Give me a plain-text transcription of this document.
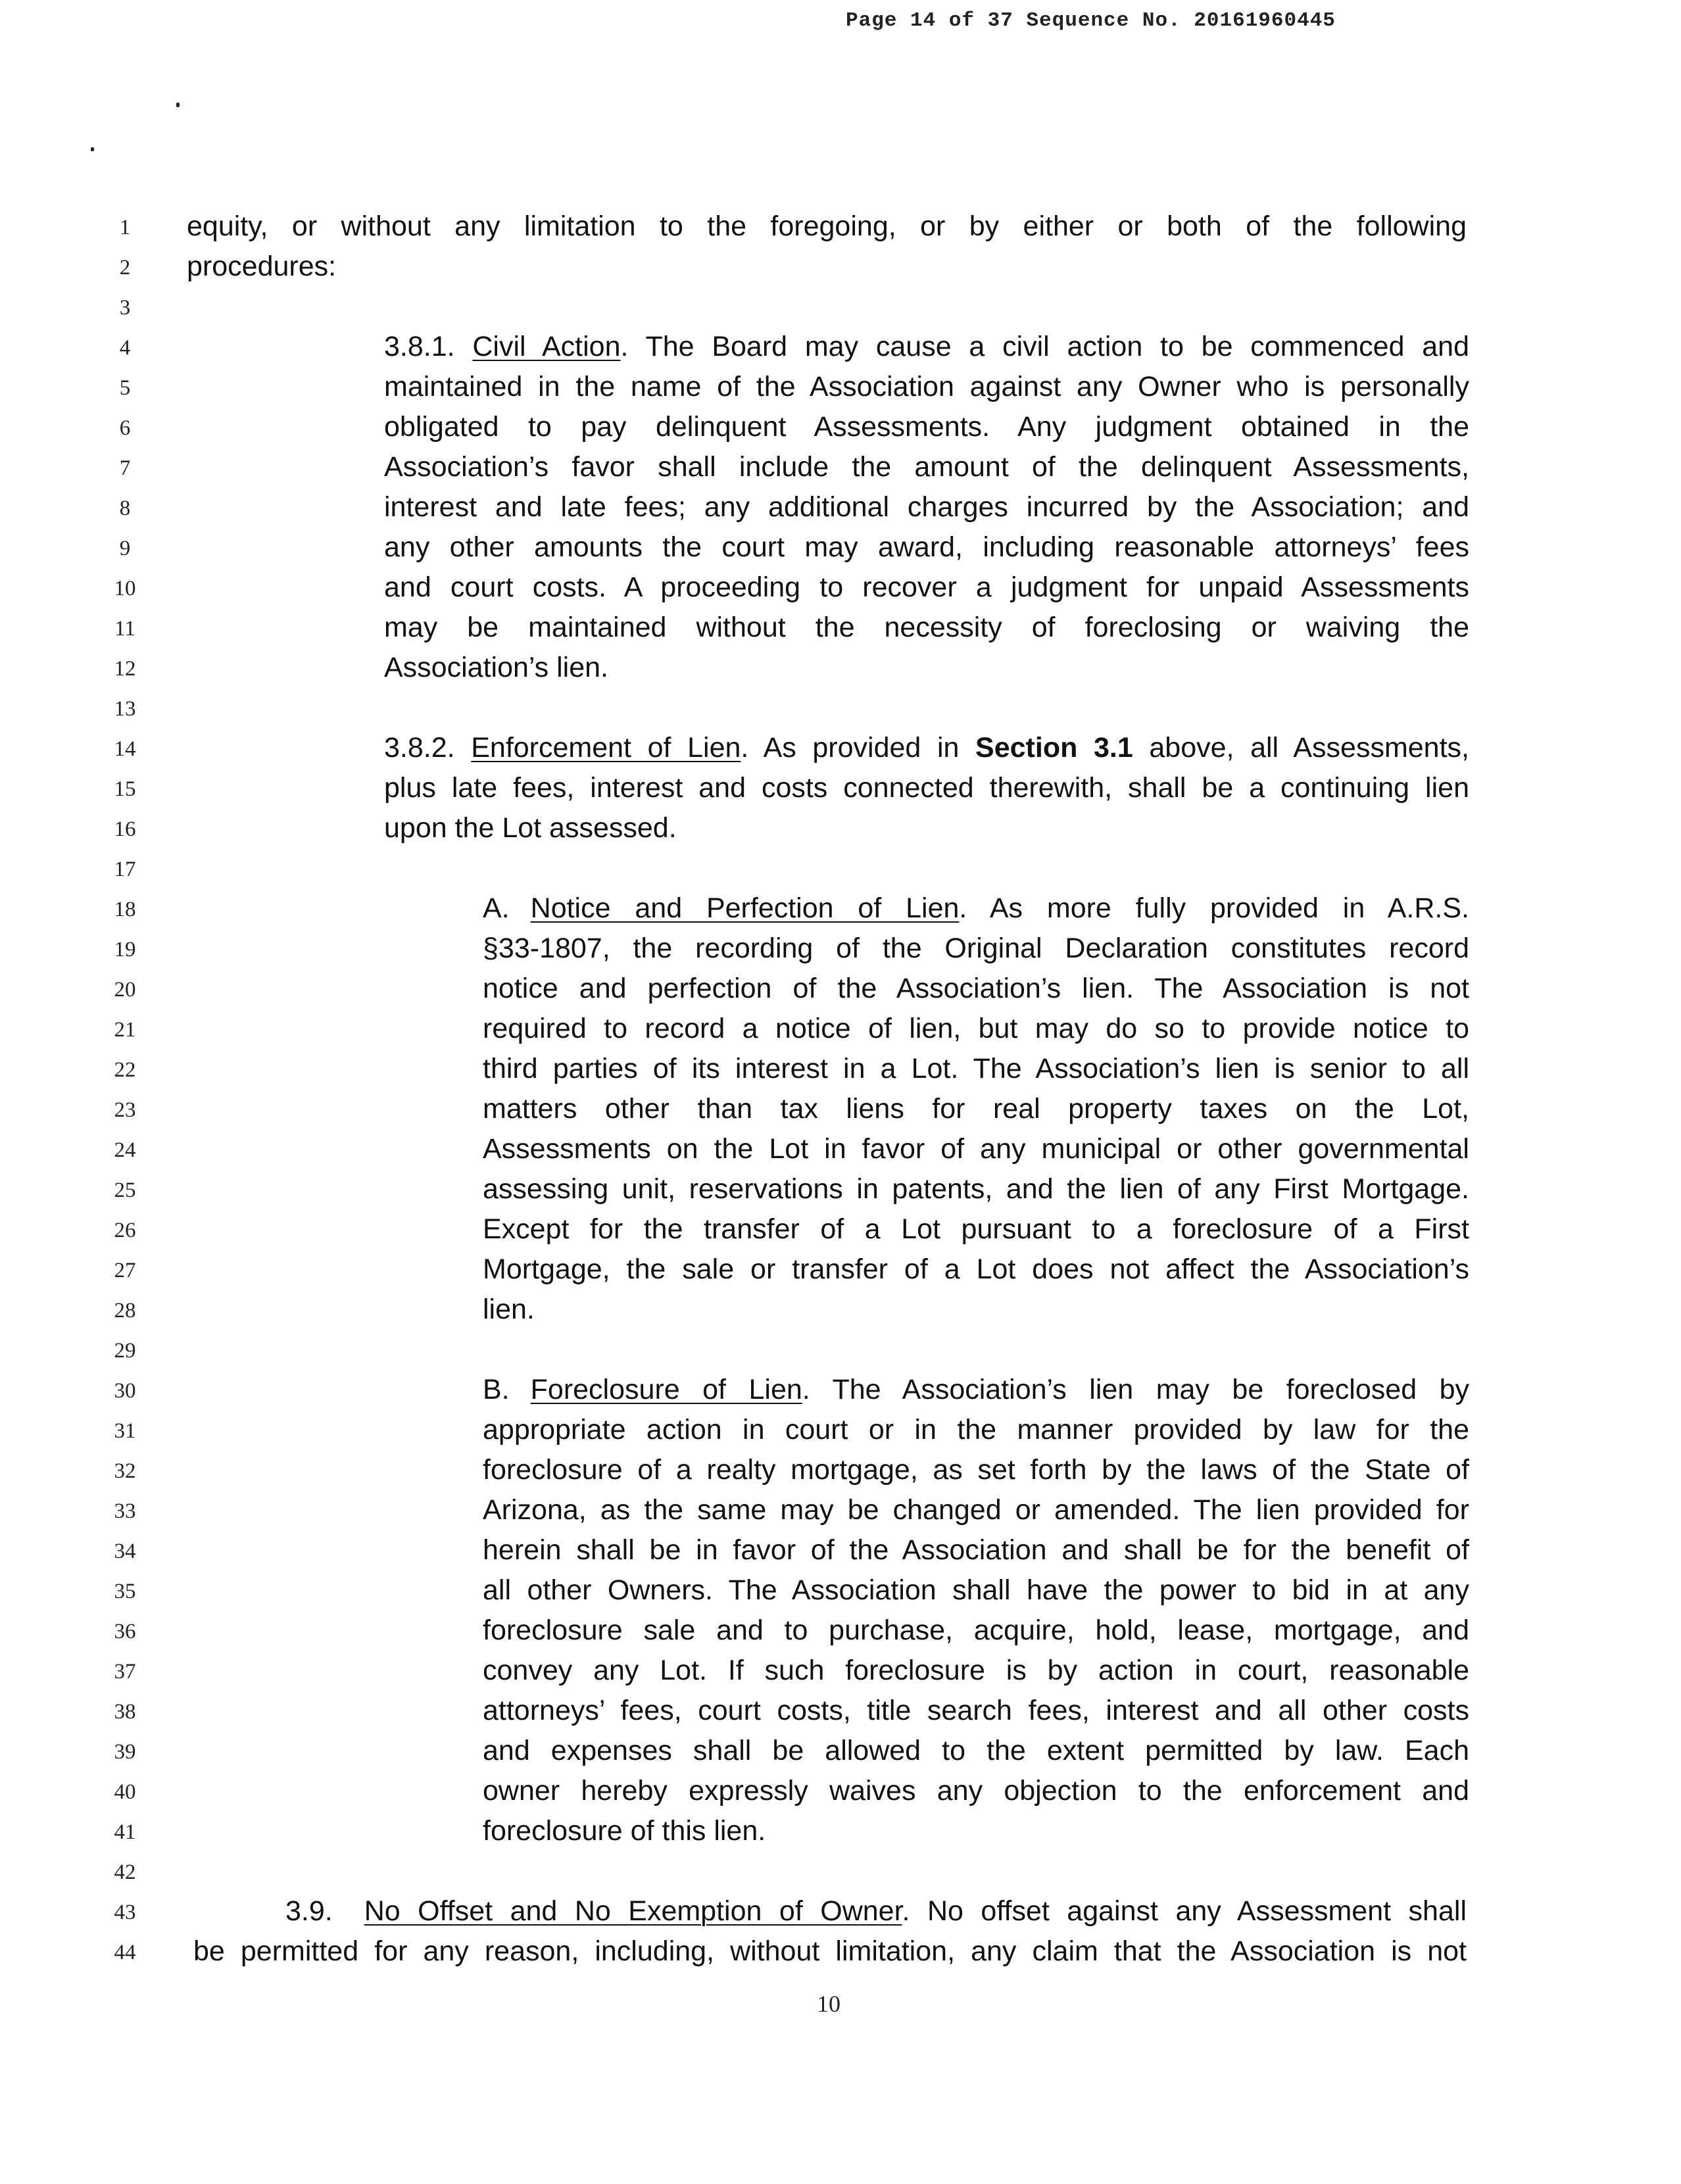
Page 14 of 37 Sequence No. 20161960445
1
2
3
4
5
6
7
8
9
10
11
12
13
14
15
16
17
18
19
20
21
22
23
24
25
26
27
28
29
30
31
32
33
34
35
36
37
38
39
40
41
42
43
44
equity, or without any limitation to the foregoing, or by either or both of the following
procedures:
3.8.1. Civil Action. The Board may cause a civil action to be commenced and
maintained in the name of the Association against any Owner who is personally
obligated to pay delinquent Assessments. Any judgment obtained in the
Association’s favor shall include the amount of the delinquent Assessments,
interest and late fees; any additional charges incurred by the Association; and
any other amounts the court may award, including reasonable attorneys’ fees
and court costs. A proceeding to recover a judgment for unpaid Assessments
may be maintained without the necessity of foreclosing or waiving the
Association’s lien.
3.8.2. Enforcement of Lien. As provided in Section 3.1 above, all Assessments,
plus late fees, interest and costs connected therewith, shall be a continuing lien
upon the Lot assessed.
A. Notice and Perfection of Lien. As more fully provided in A.R.S.
§33-1807, the recording of the Original Declaration constitutes record
notice and perfection of the Association’s lien. The Association is not
required to record a notice of lien, but may do so to provide notice to
third parties of its interest in a Lot. The Association’s lien is senior to all
matters other than tax liens for real property taxes on the Lot,
Assessments on the Lot in favor of any municipal or other governmental
assessing unit, reservations in patents, and the lien of any First Mortgage.
Except for the transfer of a Lot pursuant to a foreclosure of a First
Mortgage, the sale or transfer of a Lot does not affect the Association’s
lien.
B. Foreclosure of Lien. The Association’s lien may be foreclosed by
appropriate action in court or in the manner provided by law for the
foreclosure of a realty mortgage, as set forth by the laws of the State of
Arizona, as the same may be changed or amended. The lien provided for
herein shall be in favor of the Association and shall be for the benefit of
all other Owners. The Association shall have the power to bid in at any
foreclosure sale and to purchase, acquire, hold, lease, mortgage, and
convey any Lot. If such foreclosure is by action in court, reasonable
attorneys’ fees, court costs, title search fees, interest and all other costs
and expenses shall be allowed to the extent permitted by law. Each
owner hereby expressly waives any objection to the enforcement and
foreclosure of this lien.
3.9. No Offset and No Exemption of Owner. No offset against any Assessment shall
be permitted for any reason, including, without limitation, any claim that the Association is not
10
